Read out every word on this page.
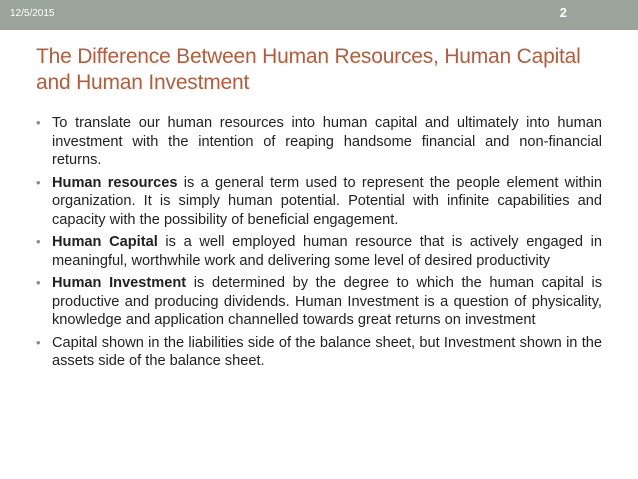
12/5/2015	2
The Difference Between Human Resources, Human Capital and Human Investment
• To translate our human resources into human capital and ultimately into human investment with the intention of reaping handsome financial and non-financial returns.
• Human resources is a general term used to represent the people element within organization. It is simply human potential. Potential with infinite capabilities and capacity with the possibility of beneficial engagement.
• Human Capital is a well employed human resource that is actively engaged in meaningful, worthwhile work and delivering some level of desired productivity
• Human Investment is determined by the degree to which the human capital is productive and producing dividends. Human Investment is a question of physicality, knowledge and application channelled towards great returns on investment
• Capital shown in the liabilities side of the balance sheet, but Investment shown in the assets side of the balance sheet.
